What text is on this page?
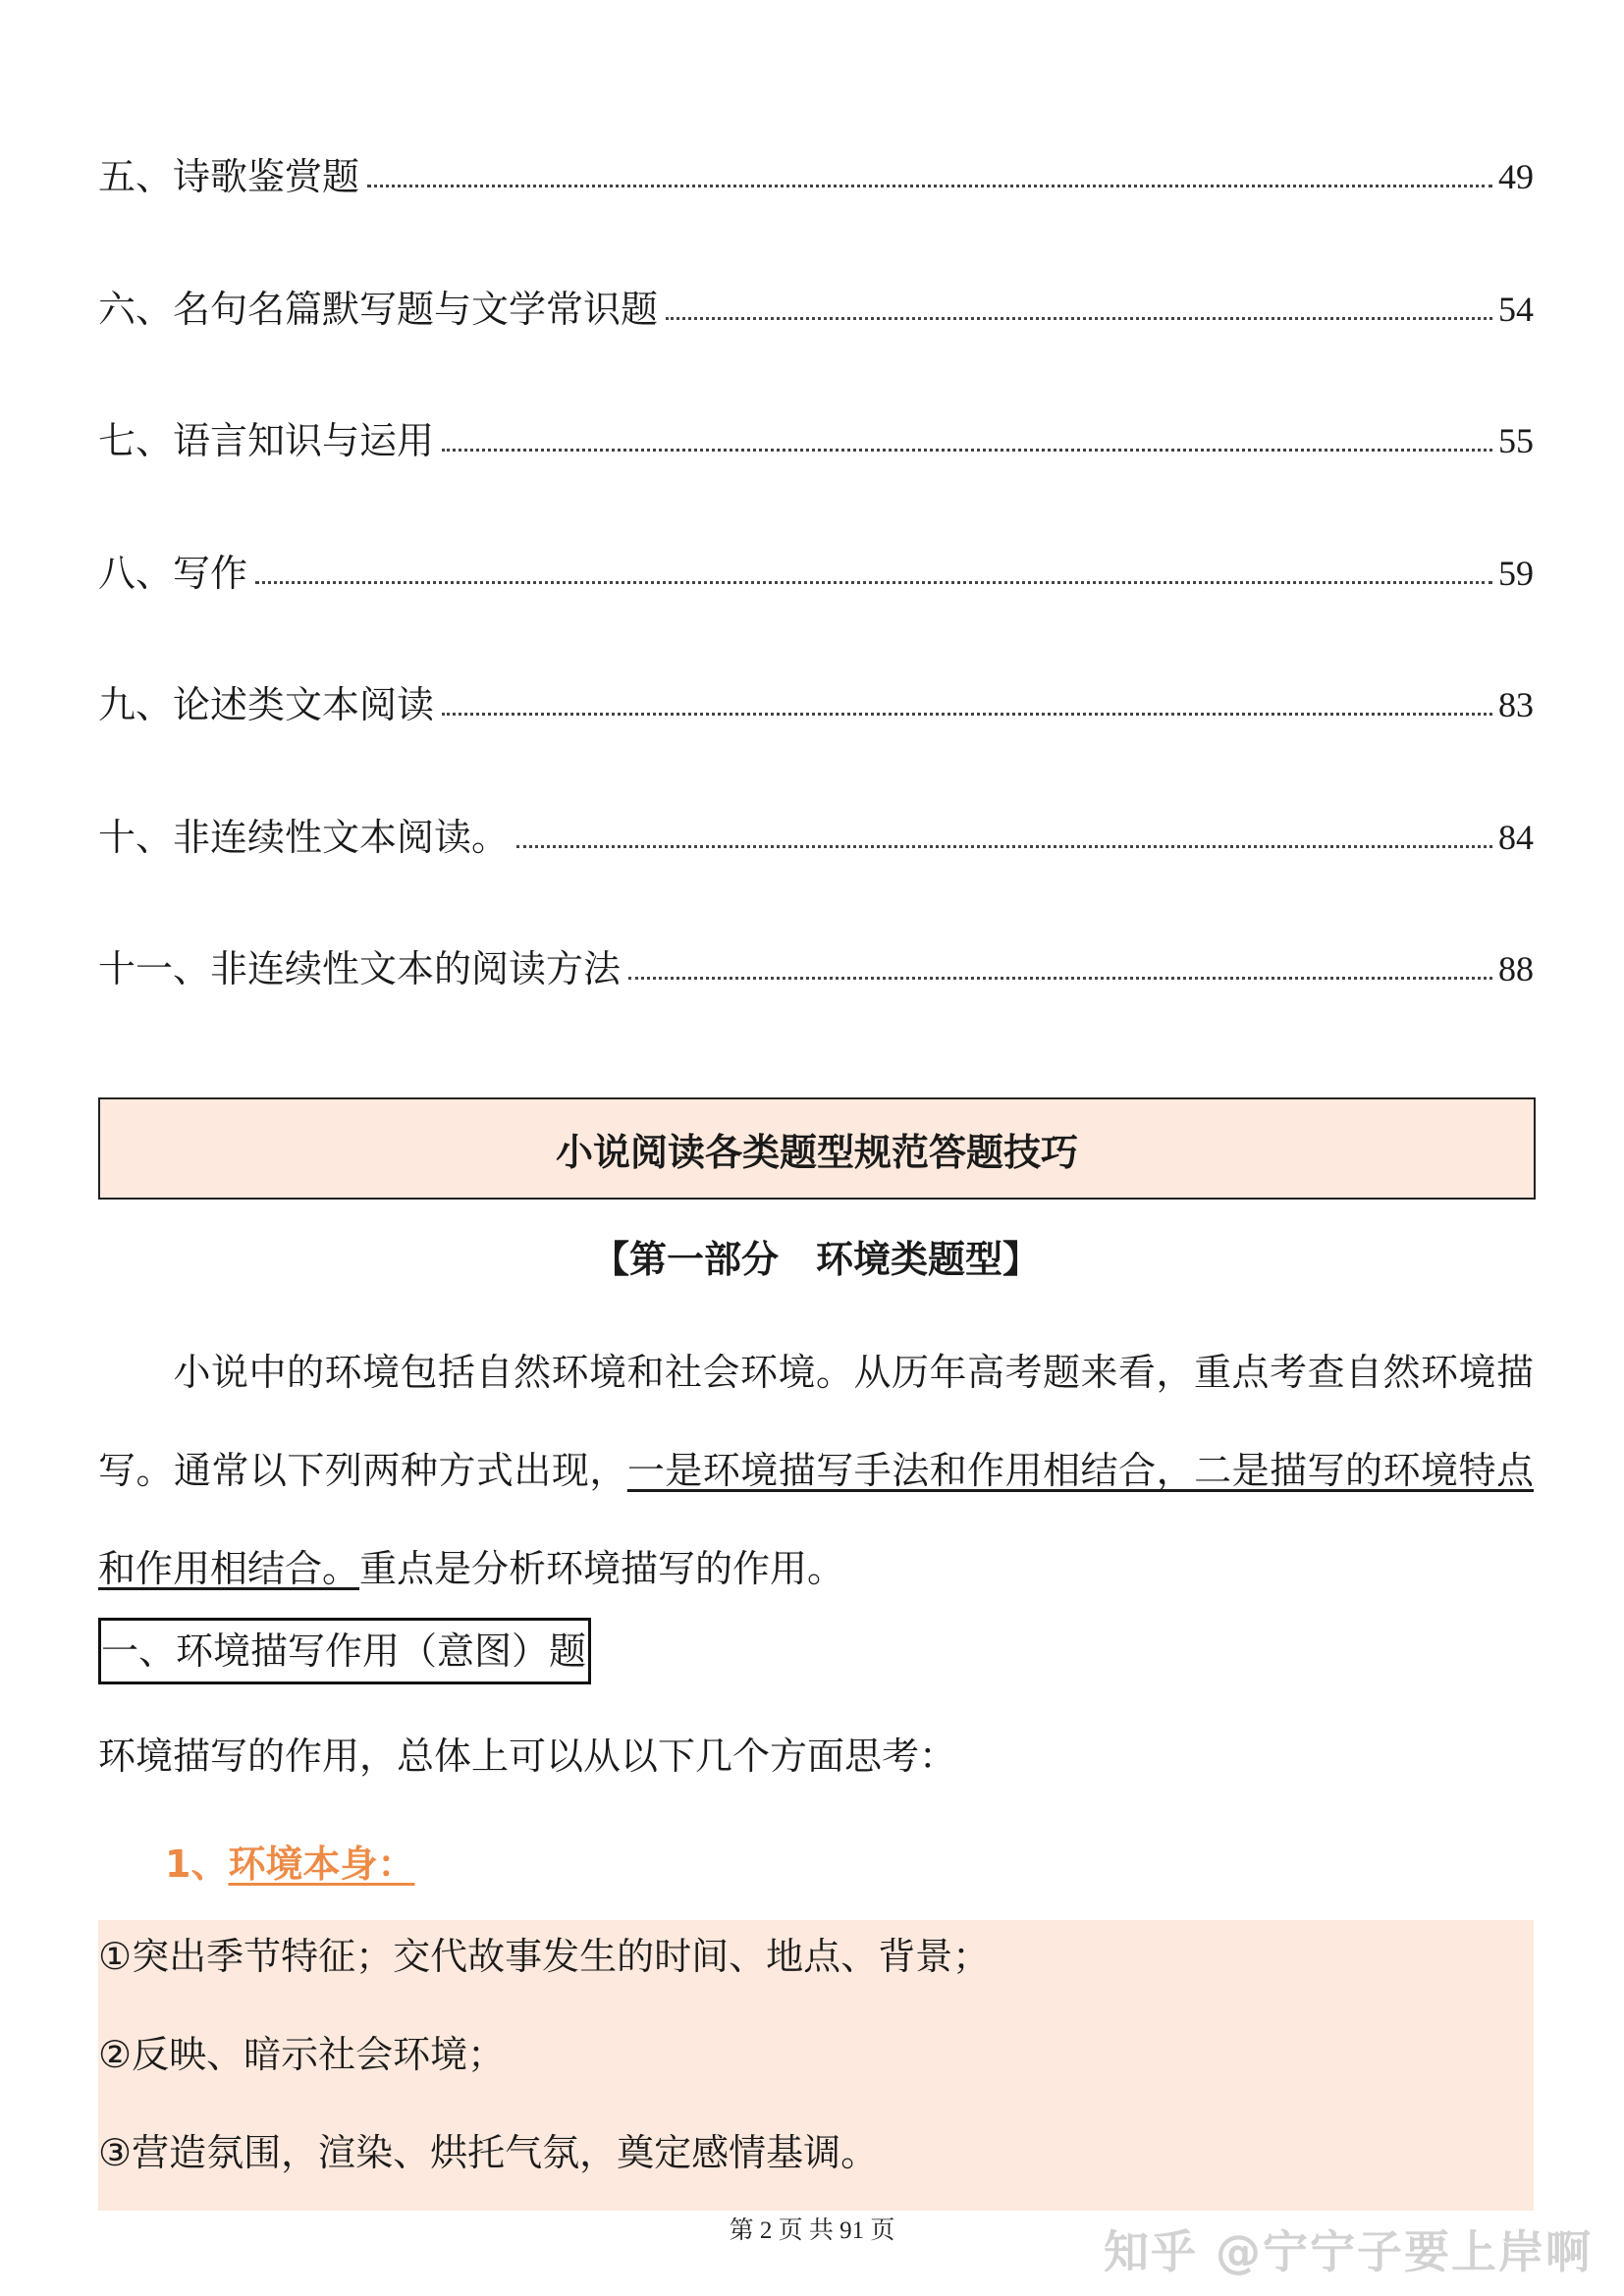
五、诗歌鉴赏题	49
六、名句名篇默写题与文学常识题	54
七、语言知识与运用	55
八、写作	59
九、论述类文本阅读	83
十、非连续性文本阅读。	84
十一、非连续性文本的阅读方法	88
小说阅读各类题型规范答题技巧
【第一部分　环境类题型】
小说中的环境包括自然环境和社会环境。从历年高考题来看，重点考查自然环境描写。通常以下列两种方式出现，一是环境描写手法和作用相结合，二是描写的环境特点和作用相结合。重点是分析环境描写的作用。
一、环境描写作用（意图）题
环境描写的作用，总体上可以从以下几个方面思考：
1、环境本身：
①突出季节特征；交代故事发生的时间、地点、背景；
②反映、暗示社会环境；
③营造氛围，渲染、烘托气氛，奠定感情基调。
第 2 页 共 91 页	知乎 @宁宁子要上岸啊
